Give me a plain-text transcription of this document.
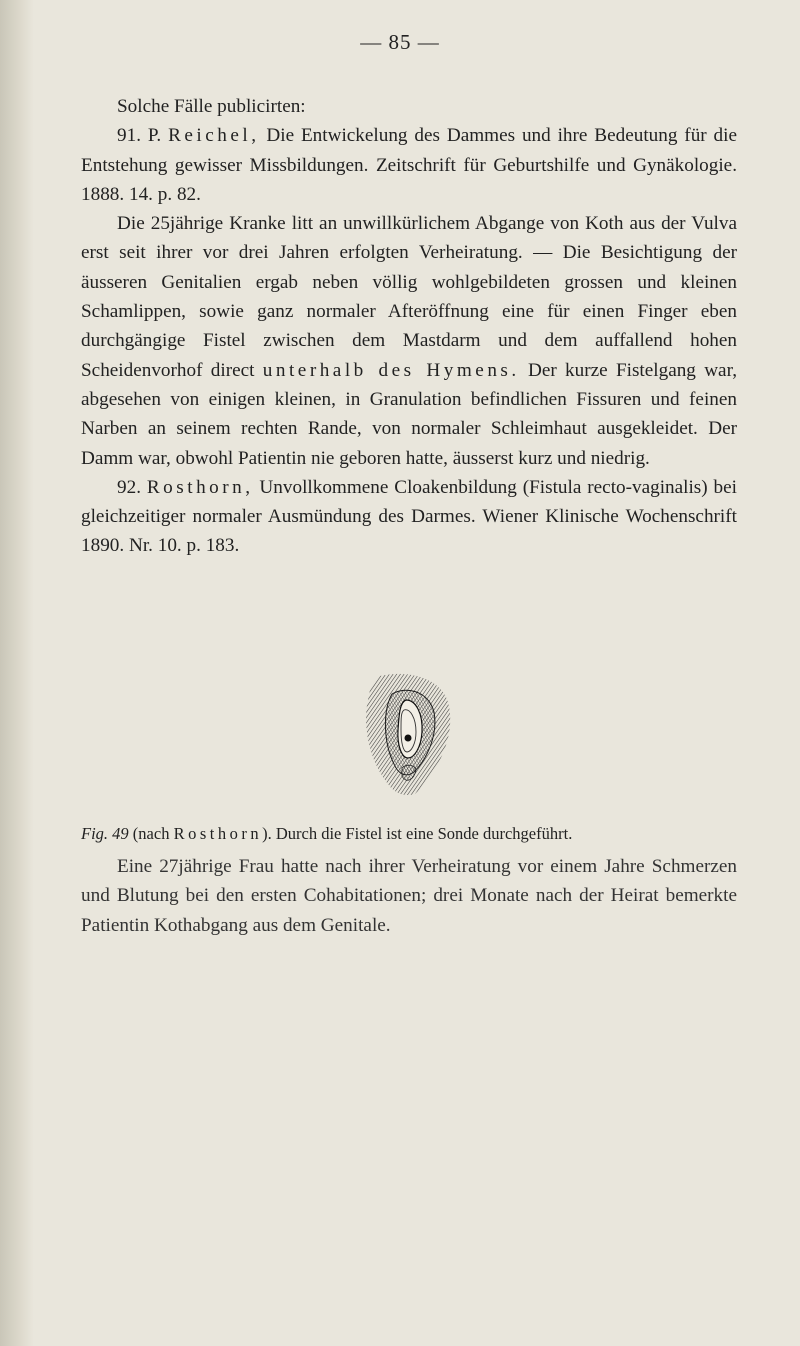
— 85 —

Solche Fälle publicirten:

91. P. Reichel, Die Entwickelung des Dammes und ihre Bedeutung für die Entstehung gewisser Missbildungen. Zeitschrift für Geburtshilfe und Gynäkologie. 1888. 14. p. 82.

Die 25jährige Kranke litt an unwillkürlichem Abgange von Koth aus der Vulva erst seit ihrer vor drei Jahren erfolgten Verheiratung. — Die Besichtigung der äusseren Genitalien ergab neben völlig wohlgebildeten grossen und kleinen Schamlippen, sowie ganz normaler Afteröffnung eine für einen Finger eben durchgängige Fistel zwischen dem Mastdarm und dem auffallend hohen Scheidenvorhof direct unterhalb des Hymens. Der kurze Fistelgang war, abgesehen von einigen kleinen, in Granulation befindlichen Fissuren und feinen Narben an seinem rechten Rande, von normaler Schleimhaut ausgekleidet. Der Damm war, obwohl Patientin nie geboren hatte, äusserst kurz und niedrig.

92. Rosthorn, Unvollkommene Cloakenbildung (Fistula recto-vaginalis) bei gleichzeitiger normaler Ausmündung des Darmes. Wiener Klinische Wochenschrift 1890. Nr. 10. p. 183.

Fig. 49 (nach Rosthorn). Durch die Fistel ist eine Sonde durchgeführt.

Eine 27jährige Frau hatte nach ihrer Verheiratung vor einem Jahre Schmerzen und Blutung bei den ersten Cohabitationen; drei Monate nach der Heirat bemerkte Patientin Kothabgang aus dem Genitale.
